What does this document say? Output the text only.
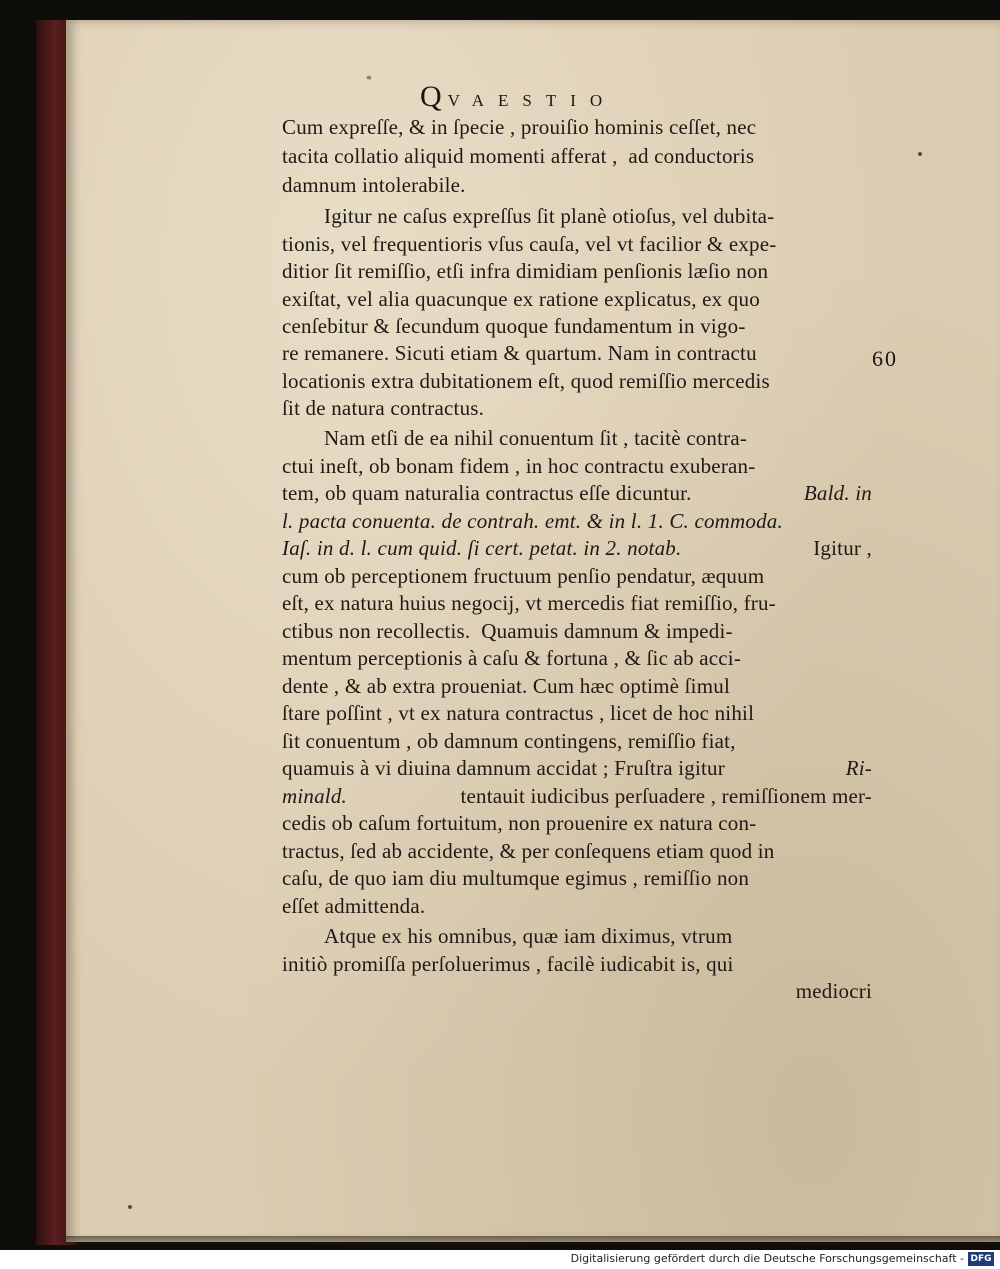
*
QVAESTIO
60
Cum expreſſe, & in ſpecie , prouiſio hominis ceſſet, nec
tacita collatio aliquid momenti afferat ,  ad conductoris
damnum intolerabile.
Igitur ne caſus expreſſus ſit planè otioſus, vel dubita-
tionis, vel frequentioris vſus cauſa, vel vt facilior & expe-
ditior ſit remiſſio, etſi infra dimidiam penſionis læſio non
exiſtat, vel alia quacunque ex ratione explicatus, ex quo
cenſebitur & ſecundum quoque fundamentum in vigo-
re remanere. Sicuti etiam & quartum. Nam in contractu
locationis extra dubitationem eſt, quod remiſſio mercedis
ſit de natura contractus.
Nam etſi de ea nihil conuentum ſit , tacitè contra-
ctui ineſt, ob bonam fidem , in hoc contractu exuberan-
tem, ob quam naturalia contractus eſſe dicuntur.	Bald. in
l. pacta conuenta. de contrah. emt. & in l. 1. C. commoda.
Iaſ. in d. l. cum quid. ſi cert. petat. in 2. notab.	Igitur ,
cum ob perceptionem fructuum penſio pendatur, æquum
eſt, ex natura huius negocij, vt mercedis fiat remiſſio, fru-
ctibus non recollectis.  Quamuis damnum & impedi-
mentum perceptionis à caſu & fortuna , & ſic ab acci-
dente , & ab extra proueniat. Cum hæc optimè ſimul
ſtare poſſint , vt ex natura contractus , licet de hoc nihil
ſit conuentum , ob damnum contingens, remiſſio fiat,
quamuis à vi diuina damnum accidat ; Fruſtra igitur	Ri-
minald.	tentauit iudicibus perſuadere , remiſſionem mer-
cedis ob caſum fortuitum, non prouenire ex natura con-
tractus, ſed ab accidente, & per conſequens etiam quod in
caſu, de quo iam diu multumque egimus , remiſſio non
eſſet admittenda.
Atque ex his omnibus, quæ iam diximus, vtrum
initiò promiſſa perſoluerimus , facilè iudicabit is, qui
mediocri
Digitalisierung gefördert durch die Deutsche Forschungsgemeinschaft - DFG
